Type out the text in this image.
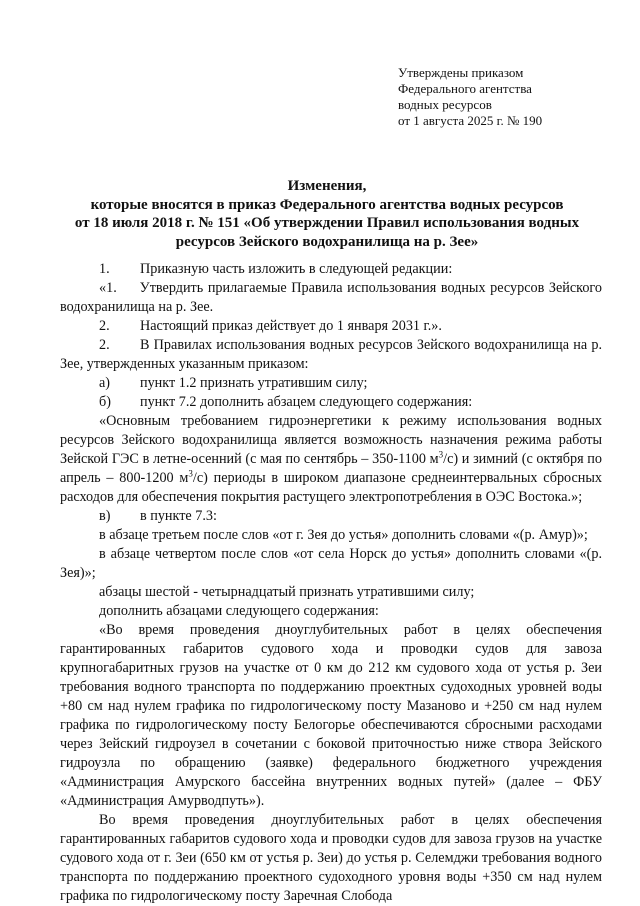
Утверждены приказом
Федерального агентства
водных ресурсов
от 1 августа 2025 г. № 190
Изменения,
которые вносятся в приказ Федерального агентства водных ресурсов
от 18 июля 2018 г. № 151 «Об утверждении Правил использования водных
ресурсов Зейского водохранилища на р. Зее»

1. Приказную часть изложить в следующей редакции:

«1.     Утвердить прилагаемые Правила использования водных ресурсов Зейского водохранилища на р. Зее.

2. Настоящий приказ действует до 1 января 2031 г.».

2. В Правилах использования водных ресурсов Зейского водохранилища на р. Зее, утвержденных указанным приказом:

а) пункт 1.2 признать утратившим силу;

б) пункт 7.2 дополнить абзацем следующего содержания:

«Основным требованием гидроэнергетики к режиму использования водных ресурсов Зейского водохранилища является возможность назначения режима работы Зейской ГЭС в летне-осенний (с мая по сентябрь – 350-1100 $м^3/с$) и зимний (с октября по апрель – 800-1200 $м^3/с$) периоды в широком диапазоне среднеинтервальных сбросных расходов для обеспечения покрытия растущего электропотребления в ОЭС Востока.»;

в) в пункте 7.3:

в абзаце третьем после слов «от г. Зея до устья» дополнить словами «(р. Амур)»;

в абзаце четвертом после слов «от села Норск до устья» дополнить словами «(р. Зея)»;

абзацы шестой - четырнадцатый признать утратившими силу;

дополнить абзацами следующего содержания:

«Во время проведения дноуглубительных работ в целях обеспечения гарантированных габаритов судового хода и проводки судов для завоза крупногабаритных грузов на участке от 0 км до 212 км судового хода от устья р. Зеи требования водного транспорта по поддержанию проектных судоходных уровней воды +80 см над нулем графика по гидрологическому посту Мазаново и +250 см над нулем графика по гидрологическому посту Белогорье обеспечиваются сбросными расходами через Зейский гидроузел в сочетании с боковой приточностью ниже створа Зейского гидроузла по обращению (заявке) федерального бюджетного учреждения «Администрация Амурского бассейна внутренних водных путей» (далее – ФБУ «Администрация Амурводпуть»).

Во время проведения дноуглубительных работ в целях обеспечения гарантированных габаритов судового хода и проводки судов для завоза грузов на участке судового хода от г. Зеи (650 км от устья р. Зеи) до устья р. Селемджи требования водного транспорта по поддержанию проектного судоходного уровня воды +350 см над нулем графика по гидрологическому посту Заречная Слобода
